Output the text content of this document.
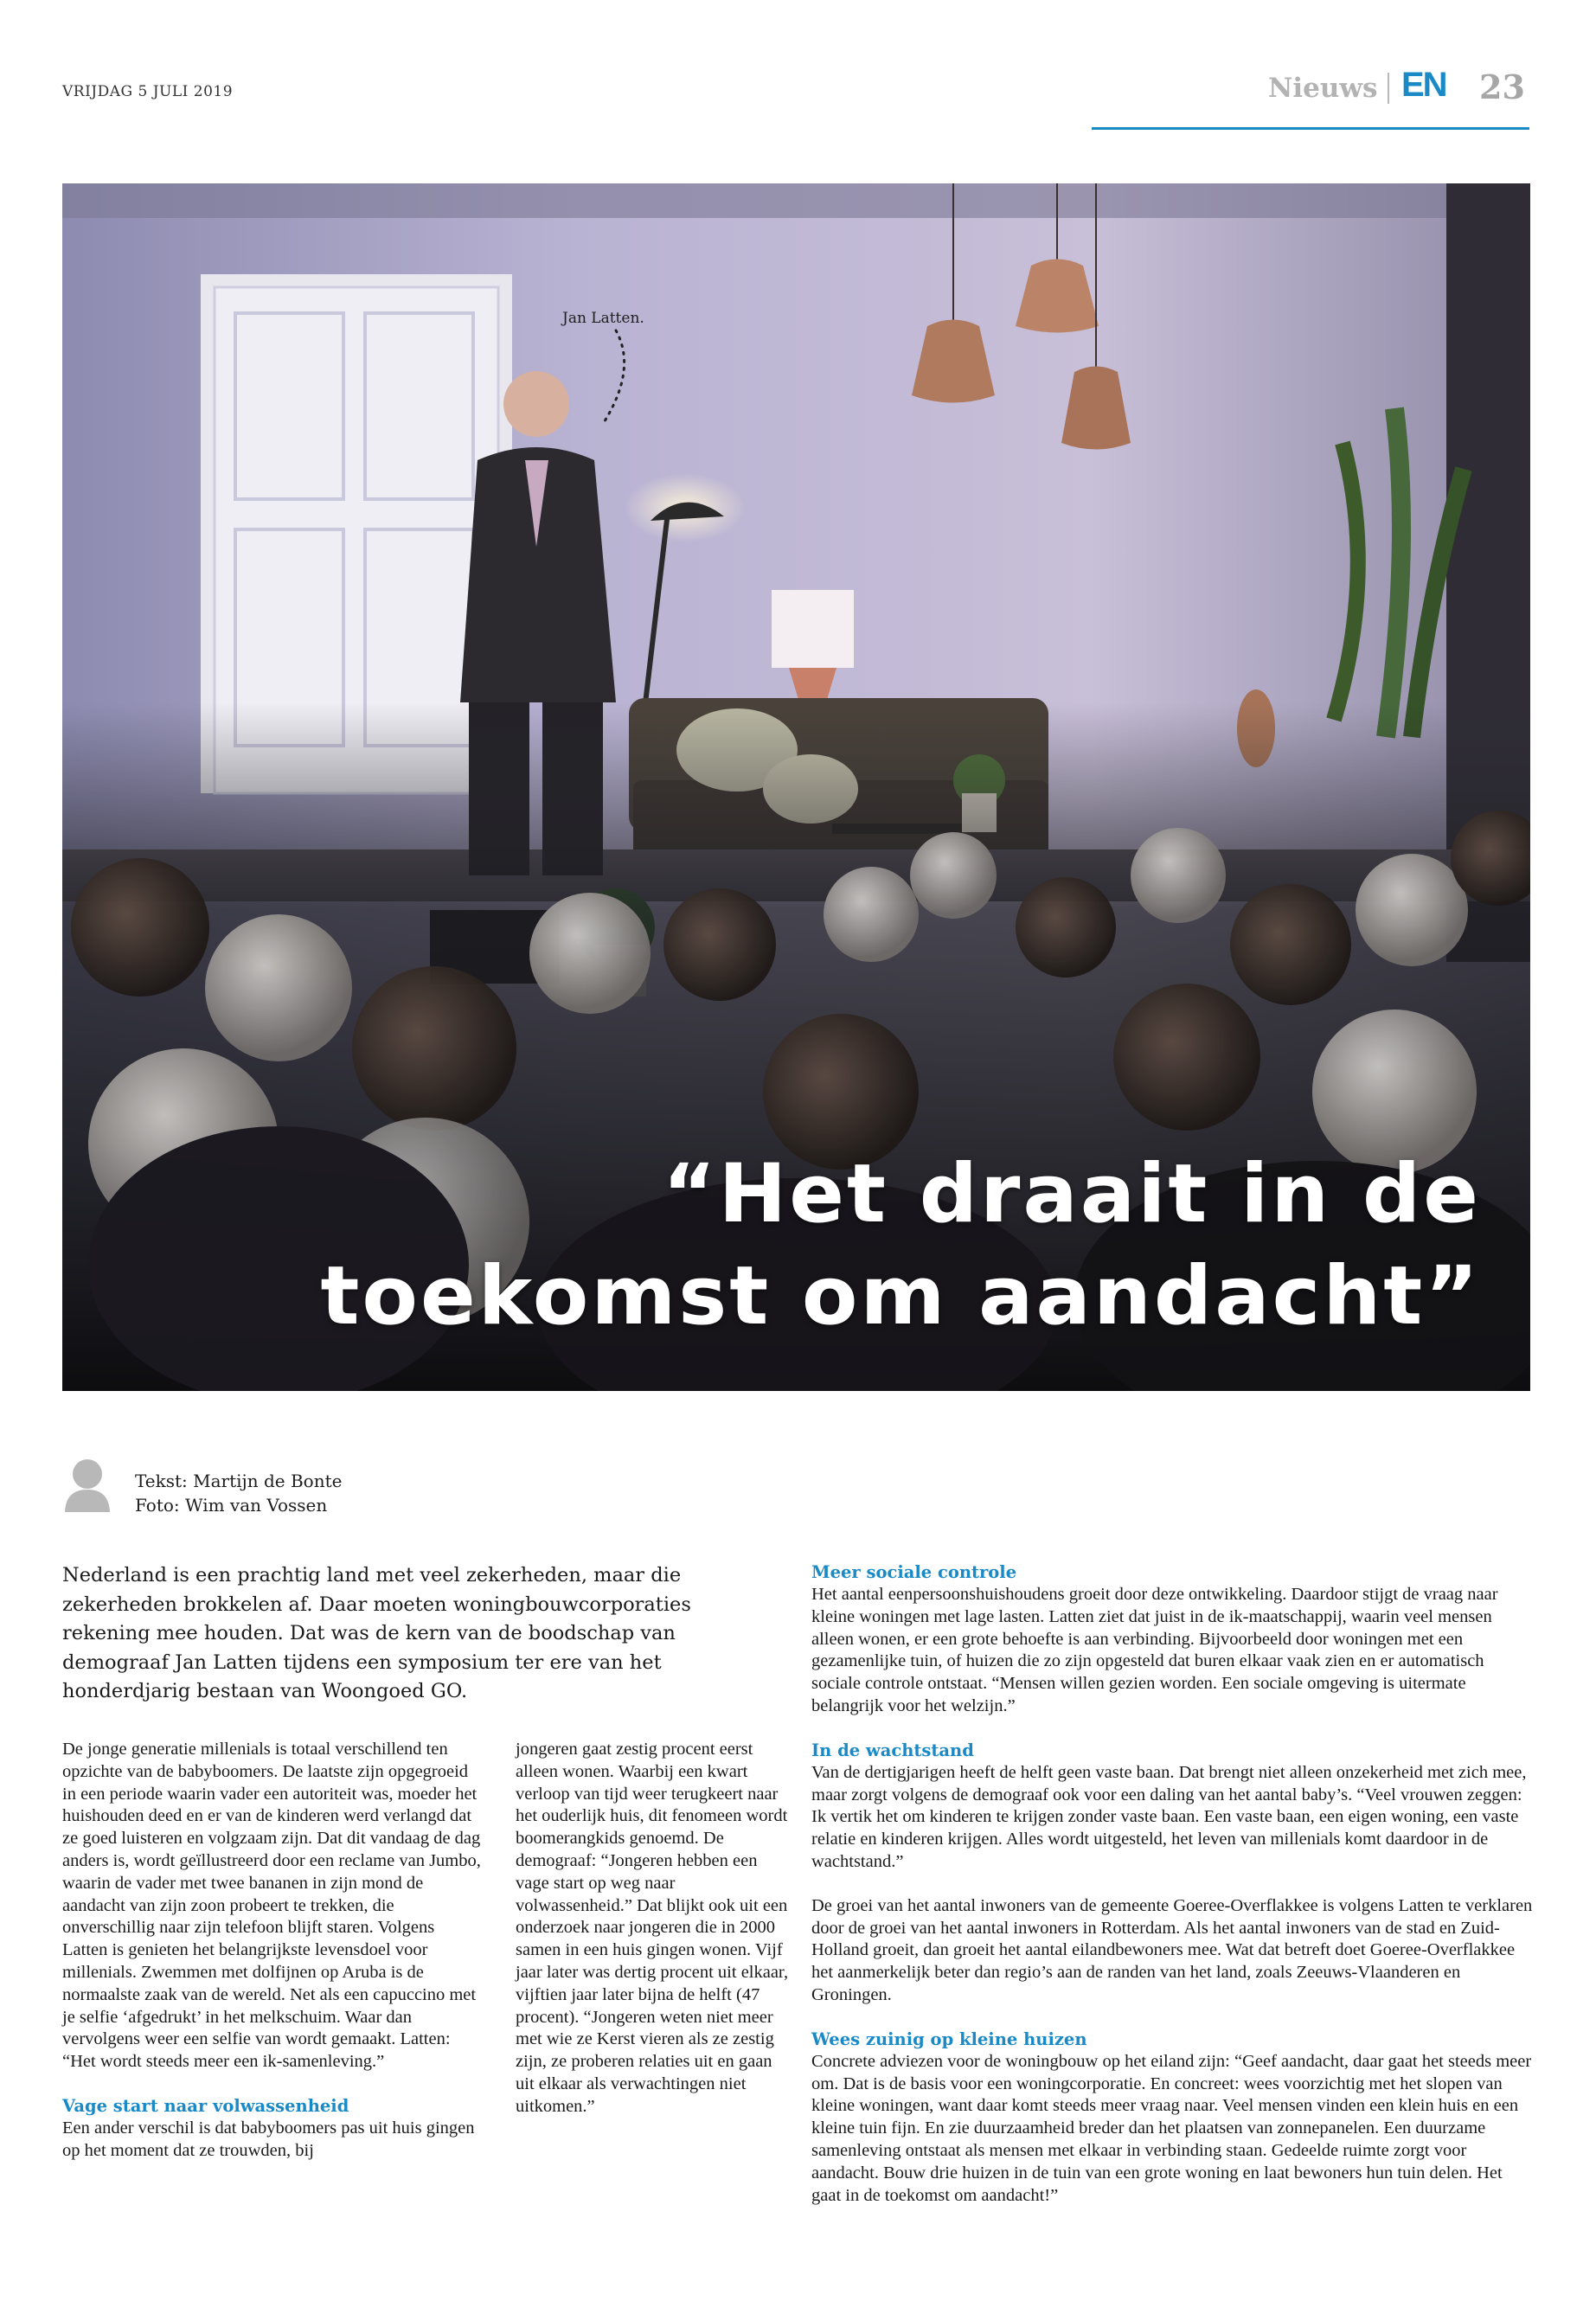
VRIJDAG 5 JULI 2019	Nieuws EN 23
Jan Latten.
“Het draait in de
toekomst om aandacht”
Tekst: Martijn de Bonte
Foto: Wim van Vossen
Nederland is een prachtig land met veel zekerheden, maar die zekerheden brokkelen af. Daar moeten woningbouwcorporaties rekening mee houden. Dat was de kern van de boodschap van demograaf Jan Latten tijdens een symposium ter ere van het honderdjarig bestaan van Woongoed GO.
De jonge generatie millenials is totaal verschillend ten opzichte van de babyboomers. De laatste zijn opgegroeid in een periode waarin vader een autoriteit was, moeder het huishouden deed en er van de kinderen werd verlangd dat ze goed luisteren en volgzaam zijn. Dat dit vandaag de dag anders is, wordt geïllustreerd door een reclame van Jumbo, waarin de vader met twee bananen in zijn mond de aandacht van zijn zoon probeert te trekken, die onverschillig naar zijn telefoon blijft staren. Volgens Latten is genieten het belangrijkste levensdoel voor millenials. Zwemmen met dolfijnen op Aruba is de normaalste zaak van de wereld. Net als een capuccino met je selfie ‘afgedrukt’ in het melkschuim. Waar dan vervolgens weer een selfie van wordt gemaakt. Latten: “Het wordt steeds meer een ik-samenleving.”
Vage start naar volwassenheid
Een ander verschil is dat babyboomers pas uit huis gingen op het moment dat ze trouwden, bij
jongeren gaat zestig procent eerst alleen wonen. Waarbij een kwart verloop van tijd weer terugkeert naar het ouderlijk huis, dit fenomeen wordt boomerangkids genoemd. De demograaf: “Jongeren hebben een vage start op weg naar volwassenheid.” Dat blijkt ook uit een onderzoek naar jongeren die in 2000 samen in een huis gingen wonen. Vijf jaar later was dertig procent uit elkaar, vijftien jaar later bijna de helft (47 procent). “Jongeren weten niet meer met wie ze Kerst vieren als ze zestig zijn, ze proberen relaties uit en gaan uit elkaar als verwachtingen niet uitkomen.”
Meer sociale controle
Het aantal eenpersoonshuishoudens groeit door deze ontwikkeling. Daardoor stijgt de vraag naar kleine woningen met lage lasten. Latten ziet dat juist in de ik-maatschappij, waarin veel mensen alleen wonen, er een grote behoefte is aan verbinding. Bijvoorbeeld door woningen met een gezamenlijke tuin, of huizen die zo zijn opgesteld dat buren elkaar vaak zien en er automatisch sociale controle ontstaat. “Mensen willen gezien worden. Een sociale omgeving is uitermate belangrijk voor het welzijn.”
In de wachtstand
Van de dertigjarigen heeft de helft geen vaste baan. Dat brengt niet alleen onzekerheid met zich mee, maar zorgt volgens de demograaf ook voor een daling van het aantal baby’s. “Veel vrouwen zeggen: Ik vertik het om kinderen te krijgen zonder vaste baan. Een vaste baan, een eigen woning, een vaste relatie en kinderen krijgen. Alles wordt uitgesteld, het leven van millenials komt daardoor in de wachtstand.”
De groei van het aantal inwoners van de gemeente Goeree-Overflakkee is volgens Latten te verklaren door de groei van het aantal inwoners in Rotterdam. Als het aantal inwoners van de stad en Zuid-Holland groeit, dan groeit het aantal eilandbewoners mee. Wat dat betreft doet Goeree-Overflakkee het aanmerkelijk beter dan regio’s aan de randen van het land, zoals Zeeuws-Vlaanderen en Groningen.
Wees zuinig op kleine huizen
Concrete adviezen voor de woningbouw op het eiland zijn: “Geef aandacht, daar gaat het steeds meer om. Dat is de basis voor een woningcorporatie. En concreet: wees voorzichtig met het slopen van kleine woningen, want daar komt steeds meer vraag naar. Veel mensen vinden een klein huis en een kleine tuin fijn. En zie duurzaamheid breder dan het plaatsen van zonnepanelen. Een duurzame samenleving ontstaat als mensen met elkaar in verbinding staan. Gedeelde ruimte zorgt voor aandacht. Bouw drie huizen in de tuin van een grote woning en laat bewoners hun tuin delen. Het gaat in de toekomst om aandacht!”
